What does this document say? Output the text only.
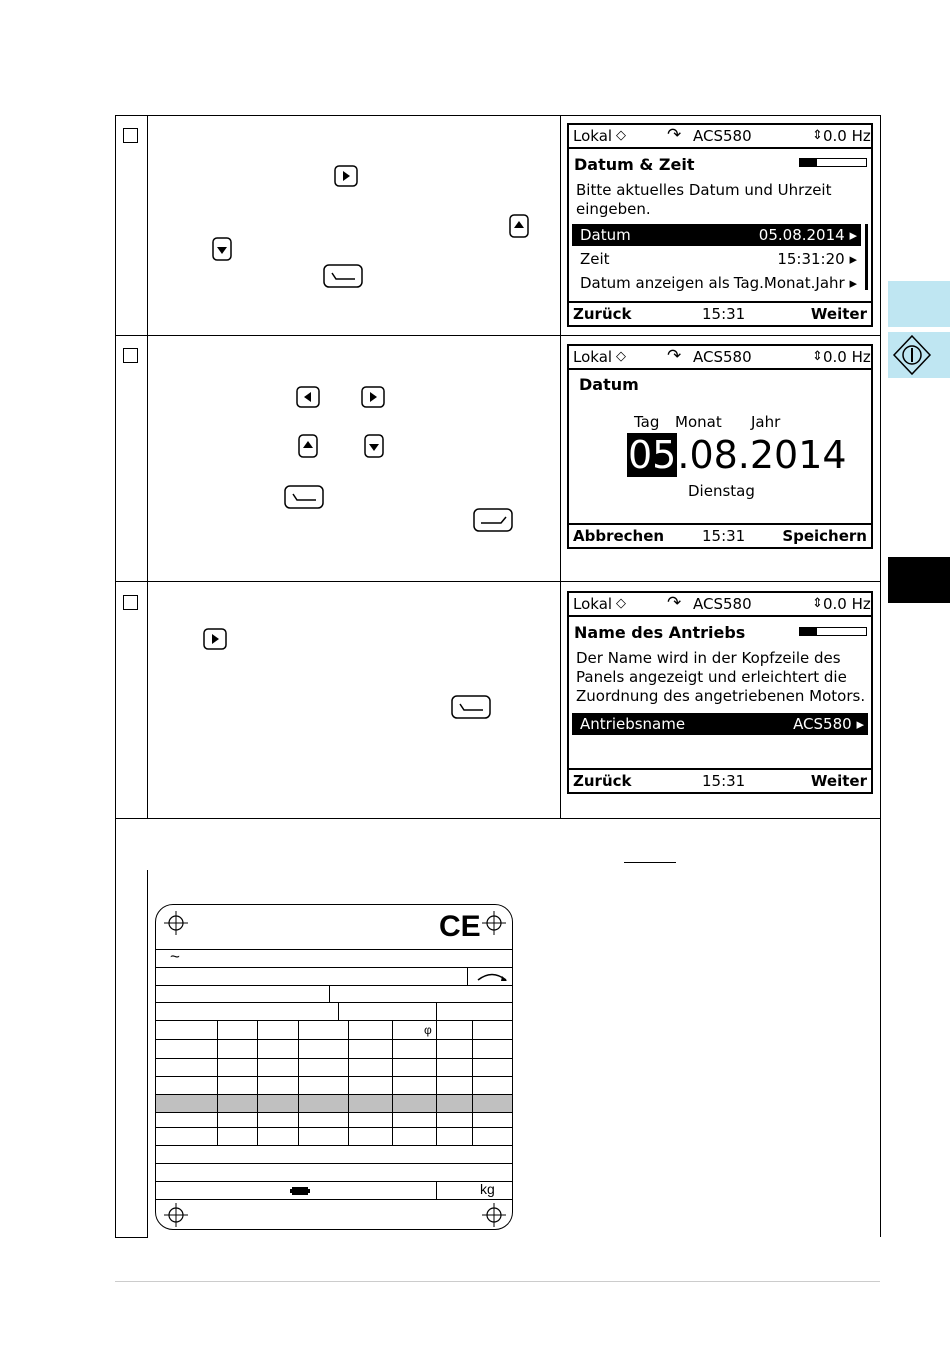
Lokal ◇ ↷ ACS580	⇕ 0.0 Hz
Datum & Zeit
Bitte aktuelles Datum und Uhrzeit
eingeben.
Datum	05.08.2014 ▸
Zeit	15:31:20 ▸
Datum anzeigen als Tag.Monat.Jahr ▸
Zurück	15:31	Weiter
Lokal ◇ ↷ ACS580	⇕ 0.0 Hz
Datum
Tag Monat Jahr
05.08.2014
Dienstag
Abbrechen	15:31 Speichern
Lokal ◇ ↷ ACS580	⇕ 0.0 Hz
Name des Antriebs
Der Name wird in der Kopfzeile des
Panels angezeigt und erleichtert die
Zuordnung des angetriebenen Motors.
Antriebsname	ACS580 ▸
Zurück	15:31	Weiter
CE
~
φ
kg
